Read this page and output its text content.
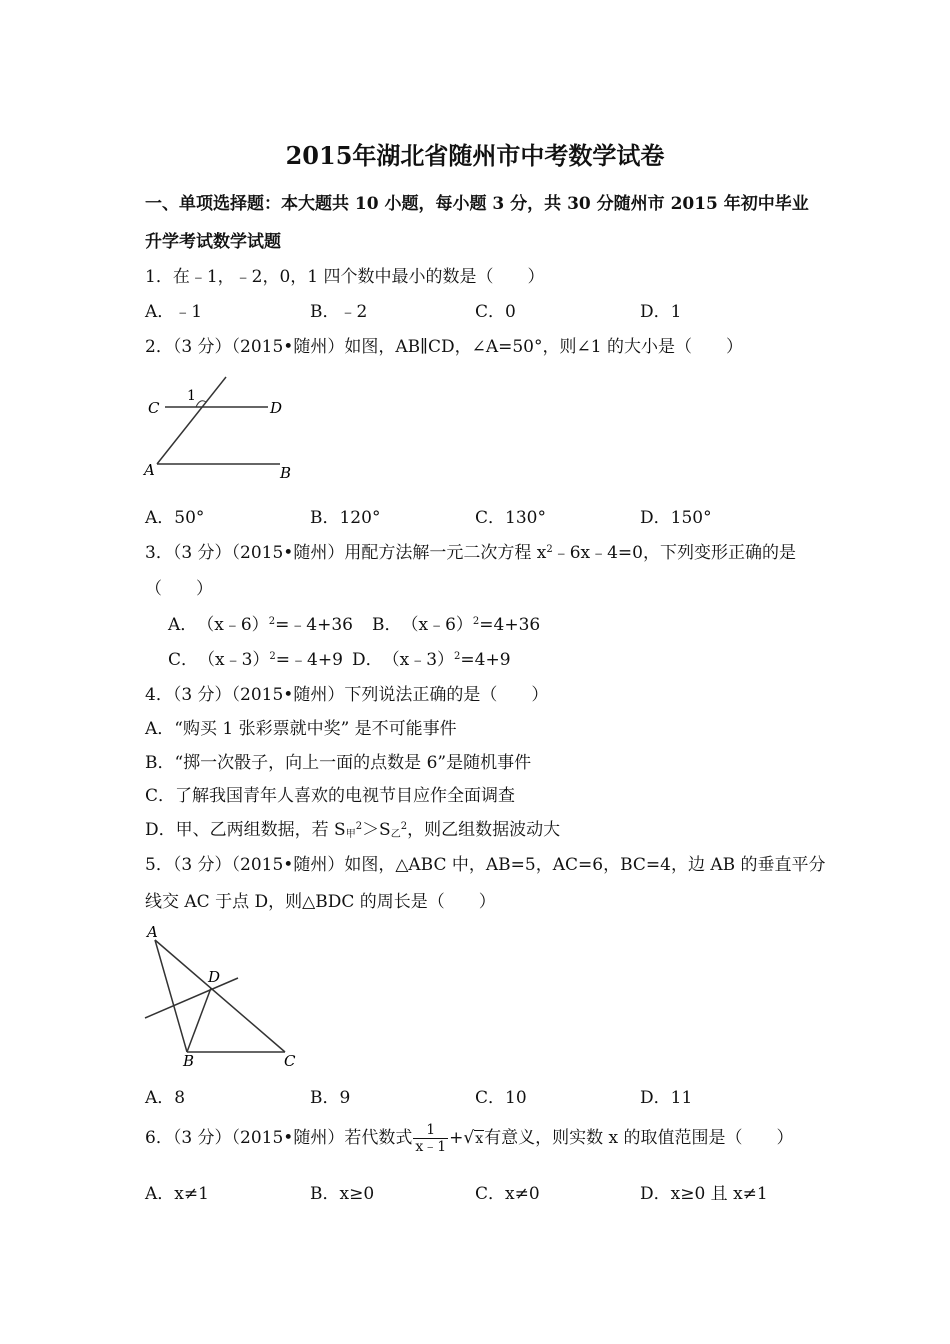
2015年湖北省随州市中考数学试卷
一、单项选择题：本大题共 10 小题，每小题 3 分，共 30 分随州市 2015 年初中毕业
升学考试数学试题
1．在﹣1，﹣2，0，1 四个数中最小的数是（　　）
A．﹣1	B．﹣2	C．0	D．1
2．（3 分）（2015•随州）如图，AB∥CD，∠A=50°，则∠1 的大小是（　　）
C	D
A	B
1
A．50°	B．120°	C．130°	D．150°
3．（3 分）（2015•随州）用配方法解一元二次方程 $x^2﹣6x﹣4=0$，下列变形正确的是
（　　）
A．　（x﹣6）$^2$=﹣4+36 B．　（x﹣6）$^2$=4+36
C．　（x﹣3）$^2$=﹣4+9 D．　（x﹣3）$^2$=4+9
4．（3 分）（2015•随州）下列说法正确的是（　　）
A．“购买 1 张彩票就中奖” 是不可能事件
B．“掷一次骰子，向上一面的点数是 6”是随机事件
C．了解我国青年人喜欢的电视节目应作全面调查
D．甲、乙两组数据，若 $S_甲^2>S_乙^2$，则乙组数据波动大
5．（3 分）（2015•随州）如图，△ABC 中，AB=5，AC=6，BC=4，边 AB 的垂直平分
线交 AC 于点 D，则△BDC 的周长是（　　）
A
D
B	C
A．8	B．9	C．10	D．11
6．（3 分）（2015•随州）若代数式 $\frac{1}{x﹣1} +√x$有意义，则实数 x 的取值范围是（　　）
A．x≠1	B．x≥0	C．x≠0	D．x≥0 且 x≠1
